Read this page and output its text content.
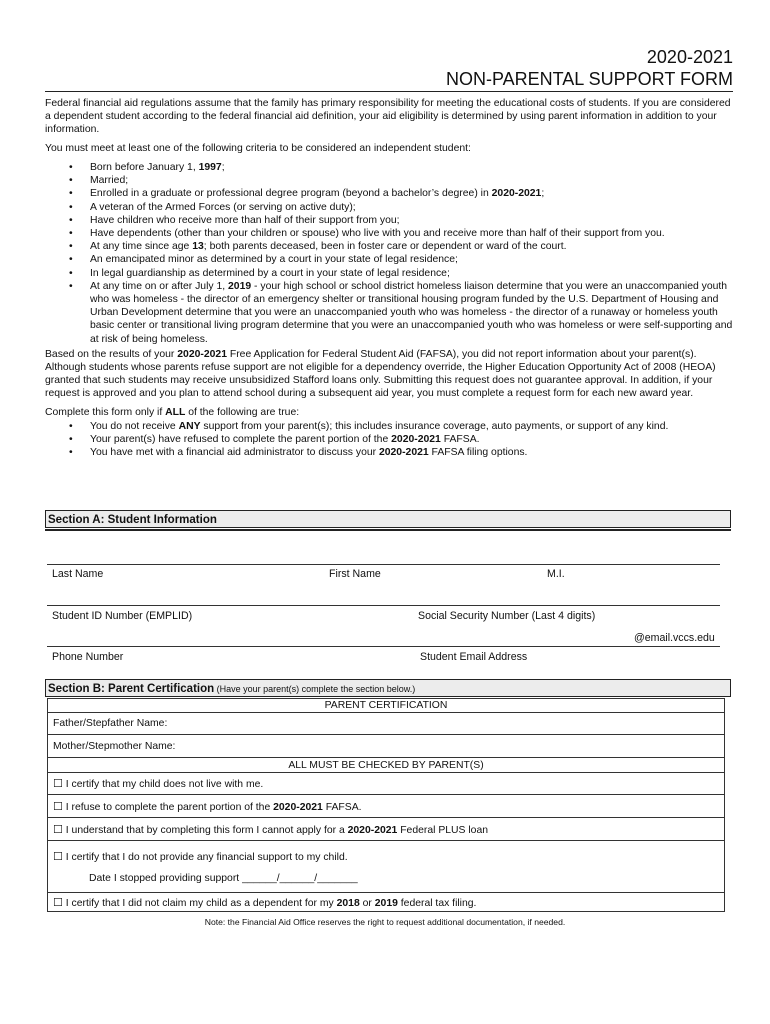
2020-2021
NON-PARENTAL SUPPORT FORM

Federal financial aid regulations assume that the family has primary responsibility for meeting the educational costs of students. If you are considered a dependent student according to the federal financial aid definition, your aid eligibility is determined by using parent information in addition to your information.

You must meet at least one of the following criteria to be considered an independent student:

• Born before January 1, 1997;
• Married;
• Enrolled in a graduate or professional degree program (beyond a bachelor’s degree) in 2020-2021;
• A veteran of the Armed Forces (or serving on active duty);
• Have children who receive more than half of their support from you;
• Have dependents (other than your children or spouse) who live with you and receive more than half of their support from you.
• At any time since age 13; both parents deceased, been in foster care or dependent or ward of the court.
• An emancipated minor as determined by a court in your state of legal residence;
• In legal guardianship as determined by a court in your state of legal residence;
• At any time on or after July 1, 2019 - your high school or school district homeless liaison determine that you were an unaccompanied youth who was homeless - the director of an emergency shelter or transitional housing program funded by the U.S. Department of Housing and Urban Development determine that you were an unaccompanied youth who was homeless - the director of a runaway or homeless youth basic center or transitional living program determine that you were an unaccompanied youth who was homeless or were self-supporting and at risk of being homeless.

Based on the results of your 2020-2021 Free Application for Federal Student Aid (FAFSA), you did not report information about your parent(s). Although students whose parents refuse support are not eligible for a dependency override, the Higher Education Opportunity Act of 2008 (HEOA) granted that such students may receive unsubsidized Stafford loans only. Submitting this request does not guarantee approval. In addition, if your request is approved and you plan to attend school during a subsequent aid year, you must complete a request form for each new award year.

Complete this form only if ALL of the following are true:

• You do not receive ANY support from your parent(s); this includes insurance coverage, auto payments, or support of any kind.
• Your parent(s) have refused to complete the parent portion of the 2020-2021 FAFSA.
• You have met with a financial aid administrator to discuss your 2020-2021 FAFSA filing options.
Section A: Student Information
Last Name	First Name	M.I.
Student ID Number (EMPLID)	Social Security Number (Last 4 digits)
@email.vccs.edu
Phone Number	Student Email Address
Section B: Parent Certification (Have your parent(s) complete the section below.)
PARENT CERTIFICATION
Father/Stepfather Name:
Mother/Stepmother Name:
ALL MUST BE CHECKED BY PARENT(S)
☐ I certify that my child does not live with me.
☐ I refuse to complete the parent portion of the 2020-2021 FAFSA.
☐ I understand that by completing this form I cannot apply for a 2020-2021 Federal PLUS loan

☐ I certify that I do not provide any financial support to my child.
Date I stopped providing support ______/______/_______

☐ I certify that I did not claim my child as a dependent for my 2018 or 2019 federal tax filing.
Note: the Financial Aid Office reserves the right to request additional documentation, if needed.
